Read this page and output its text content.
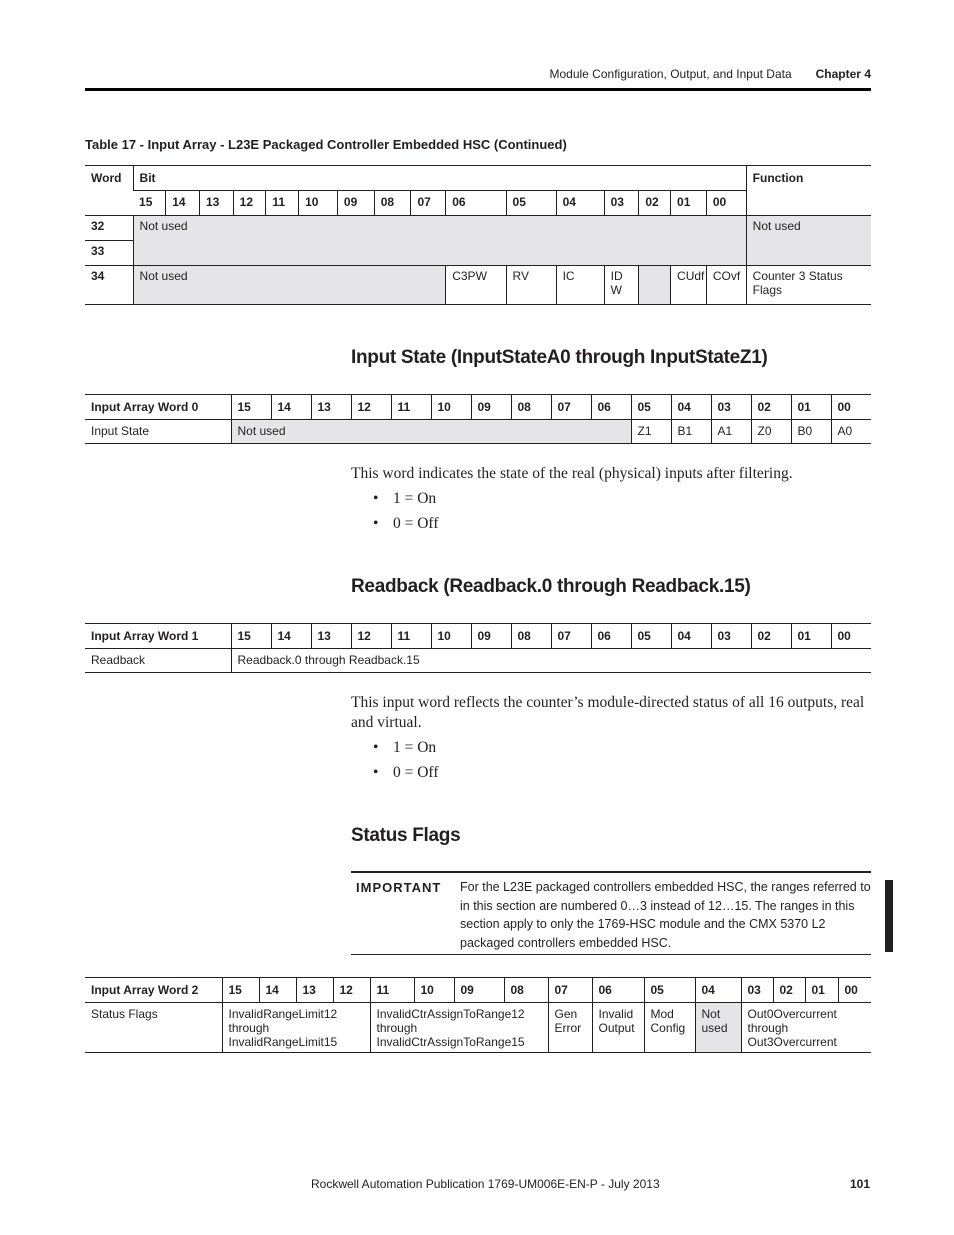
Module Configuration, Output, and Input Data Chapter 4
Table 17 - Input Array - L23E Packaged Controller Embedded HSC (Continued)
Word	Bit																Function
	15	14	13	12	11	10	09	08	07	06	05	04	03	02	01	00	
32	Not used																Not used
33																	
34	Not used									C3PW	RV	IC	ID W		CUdf	COvf	Counter 3 Status Flags
Input State (InputStateA0 through InputStateZ1)
Input Array Word 0	15	14	13	12	11	10	09	08	07	06	05	04	03	02	01	00
Input State	Not used										Z1	B1	A1	Z0	B0	A0
This word indicates the state of the real (physical) inputs after filtering.
• 1 = On
• 0 = Off
Readback (Readback.0 through Readback.15)
Input Array Word 1	15	14	13	12	11	10	09	08	07	06	05	04	03	02	01	00
Readback	Readback.0 through Readback.15															
This input word reflects the counter’s module-directed status of all 16 outputs, real and virtual.
• 1 = On
• 0 = Off
Status Flags
IMPORTANT For the L23E packaged controllers embedded HSC, the ranges referred to in this section are numbered 0…3 instead of 12…15. The ranges in this section apply to only the 1769-HSC module and the CMX 5370 L2 packaged controllers embedded HSC.
Input Array Word 2	15	14	13	12	11	10	09	08	07	06	05	04	03	02	01	00
Status Flags	InvalidRangeLimit12 through InvalidRangeLimit15				InvalidCtrAssignToRange12 through InvalidCtrAssignToRange15				Gen Error	Invalid Output	Mod Config	Not used	Out0Overcurrent through Out3Overcurrent			
Rockwell Automation Publication 1769-UM006E-EN-P - July 2013	101
